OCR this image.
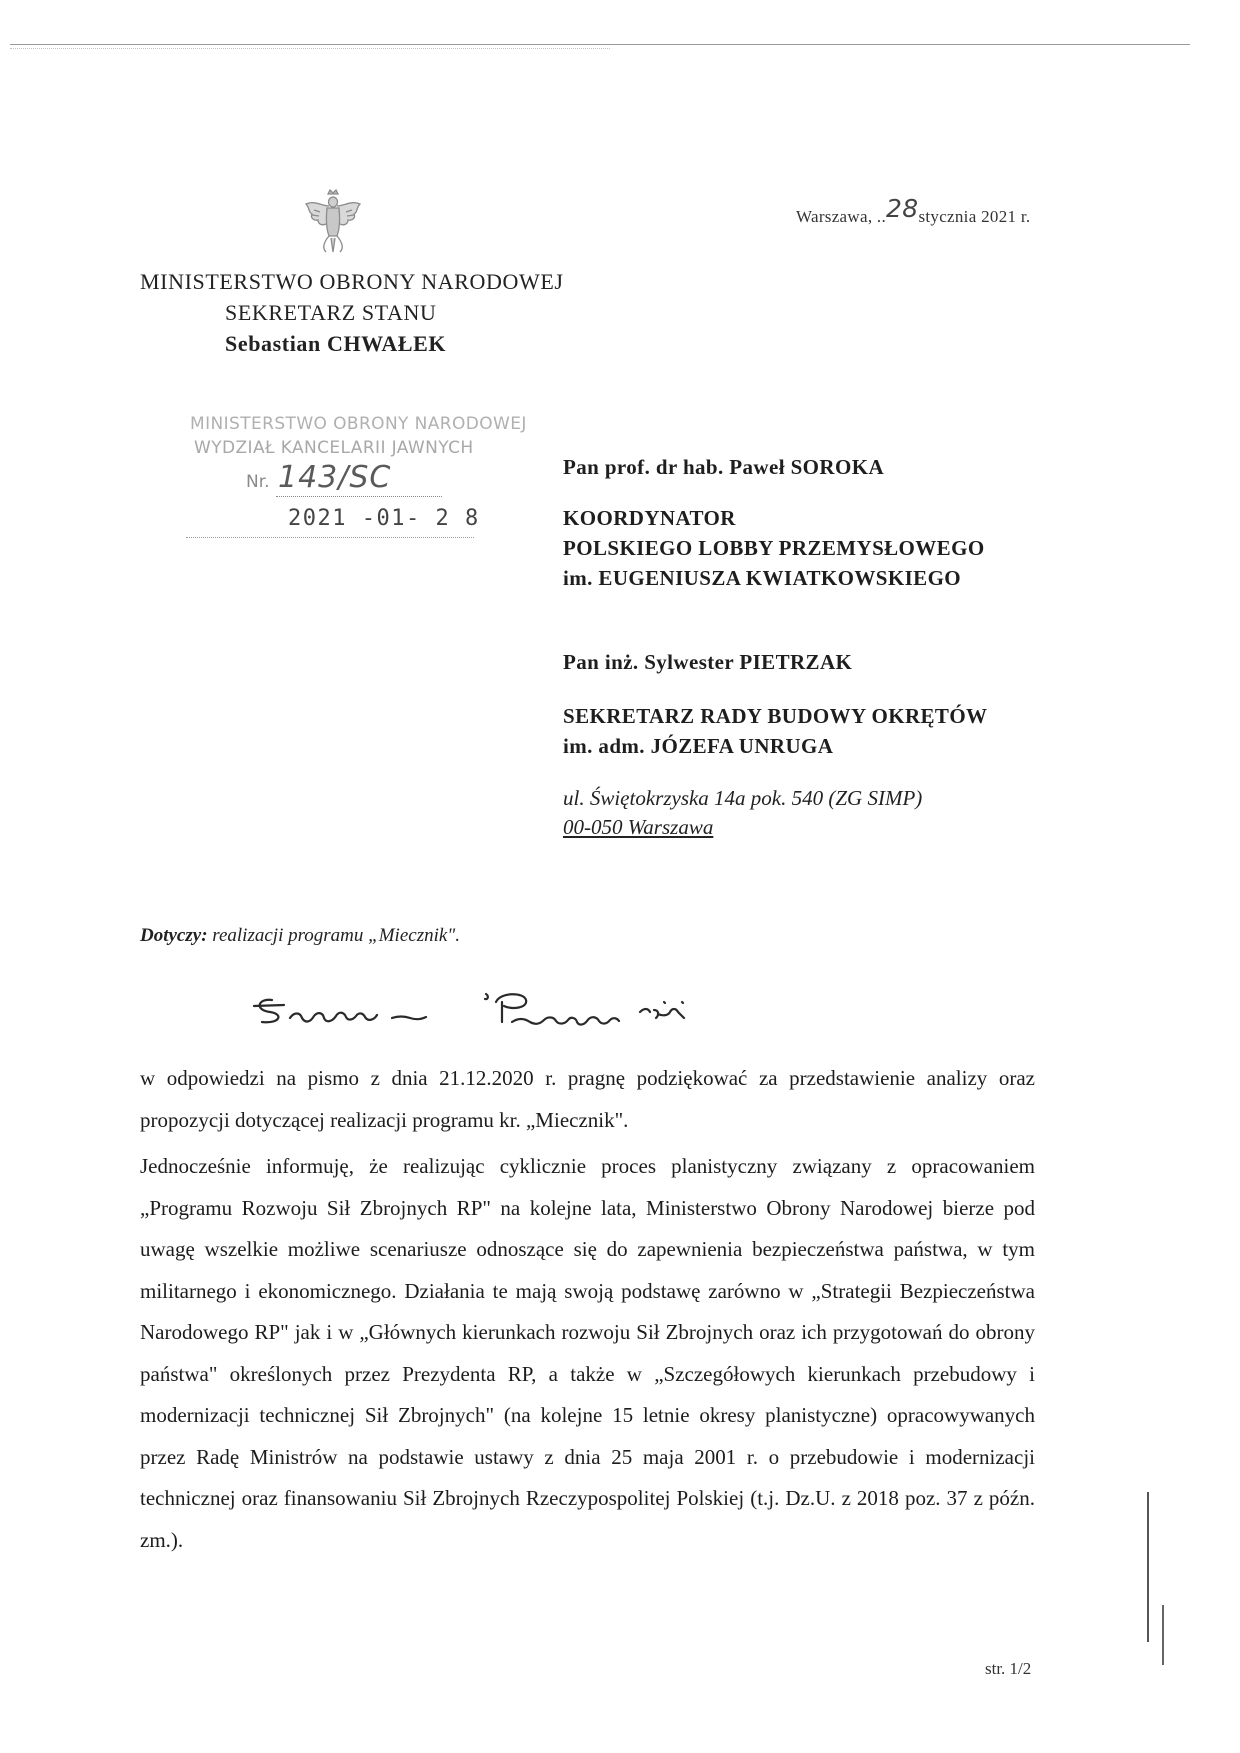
Warszawa, ..28stycznia 2021 r.
MINISTERSTWO OBRONY NARODOWEJ
SEKRETARZ STANU
Sebastian CHWAŁEK
MINISTERSTWO OBRONY NARODOWEJ
WYDZIAŁ KANCELARII JAWNYCH
Nr. 143/SC
2021 -01- 2 8
Pan prof. dr hab. Paweł SOROKA
KOORDYNATOR
POLSKIEGO LOBBY PRZEMYSŁOWEGO
im. EUGENIUSZA KWIATKOWSKIEGO
Pan inż. Sylwester PIETRZAK
SEKRETARZ RADY BUDOWY OKRĘTÓW
im. adm. JÓZEFA UNRUGA
ul. Świętokrzyska 14a pok. 540 (ZG SIMP)
00-050 Warszawa
Dotyczy: realizacji programu „Miecznik".

w odpowiedzi na pismo z dnia 21.12.2020 r. pragnę podziękować za przedstawienie analizy oraz propozycji dotyczącej realizacji programu kr. „Miecznik".

Jednocześnie informuję, że realizując cyklicznie proces planistyczny związany z opracowaniem „Programu Rozwoju Sił Zbrojnych RP" na kolejne lata, Ministerstwo Obrony Narodowej bierze pod uwagę wszelkie możliwe scenariusze odnoszące się do zapewnienia bezpieczeństwa państwa, w tym militarnego i ekonomicznego. Działania te mają swoją podstawę zarówno w „Strategii Bezpieczeństwa Narodowego RP" jak i w „Głównych kierunkach rozwoju Sił Zbrojnych oraz ich przygotowań do obrony państwa" określonych przez Prezydenta RP, a także w „Szczegółowych kierunkach przebudowy i modernizacji technicznej Sił Zbrojnych" (na kolejne 15 letnie okresy planistyczne) opracowywanych przez Radę Ministrów na podstawie ustawy z dnia 25 maja 2001 r. o przebudowie i modernizacji technicznej oraz finansowaniu Sił Zbrojnych Rzeczypospolitej Polskiej (t.j. Dz.U. z 2018 poz. 37 z późn. zm.).

str. 1/2
